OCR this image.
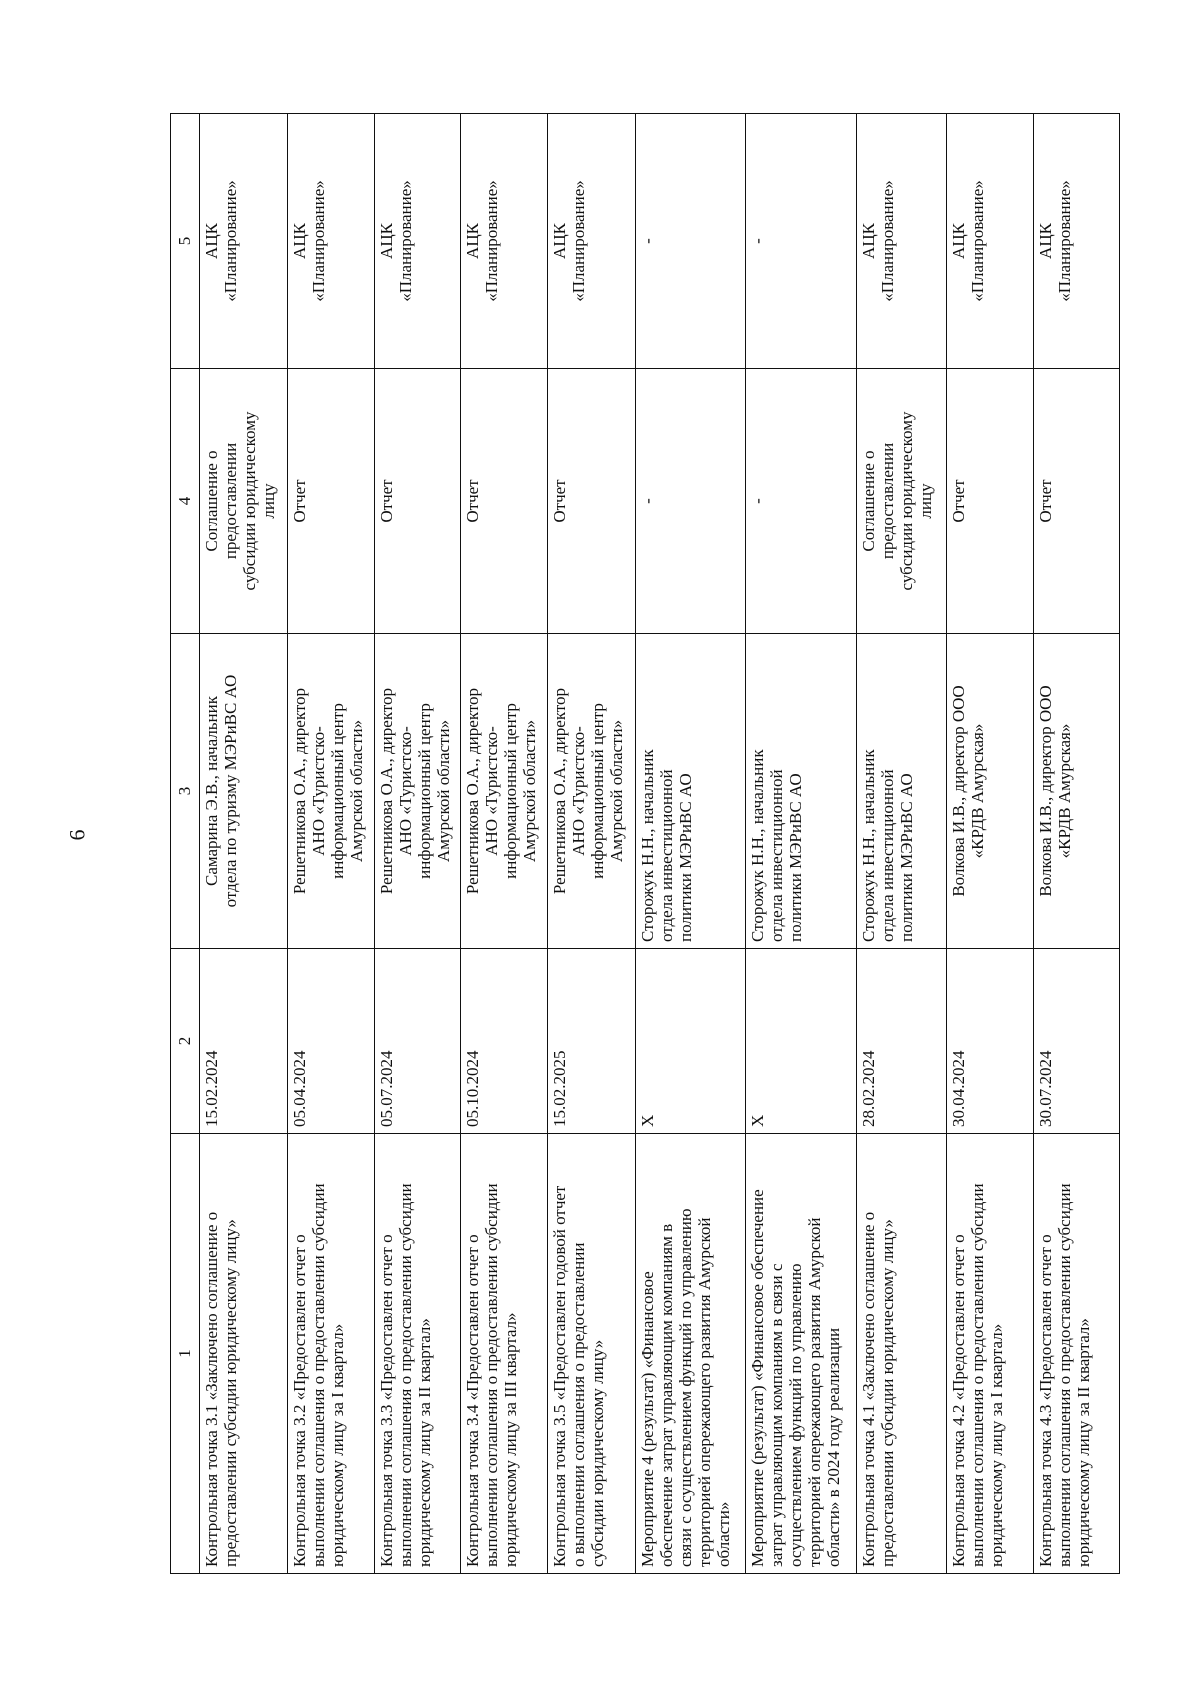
6
1	2	3	4	5

Контрольная точка 3.1 «Заключено соглашение о
предоставлении субсидии юридическому лицу»	15.02.2024	Самарина Э.В., начальник
отдела по туризму МЭРиВС АО	Соглашение о
предоставлении
субсидии юридическому
лицу	АЦК
«Планирование»

Контрольная точка 3.2 «Предоставлен отчет о
выполнении соглашения о предоставлении субсидии
юридическому лицу за I квартал»	05.04.2024	Решетникова О.А., директор
АНО «Туристско-
информационный центр
Амурской области»	Отчет	АЦК
«Планирование»

Контрольная точка 3.3 «Предоставлен отчет о
выполнении соглашения о предоставлении субсидии
юридическому лицу за II квартал»	05.07.2024	Решетникова О.А., директор
АНО «Туристско-
информационный центр
Амурской области»	Отчет	АЦК
«Планирование»

Контрольная точка 3.4 «Предоставлен отчет о
выполнении соглашения о предоставлении субсидии
юридическому лицу за III квартал»	05.10.2024	Решетникова О.А., директор
АНО «Туристско-
информационный центр
Амурской области»	Отчет	АЦК
«Планирование»

Контрольная точка 3.5 «Предоставлен годовой отчет
о выполнении соглашения о предоставлении
субсидии юридическому лицу»	15.02.2025	Решетникова О.А., директор
АНО «Туристско-
информационный центр
Амурской области»	Отчет	АЦК
«Планирование»

Мероприятие 4 (результат) «Финансовое
обеспечение затрат управляющим компаниям в
связи с осуществлением функций по управлению
территорией опережающего развития Амурской
области»	Х	Сторожук Н.Н., начальник
отдела инвестиционной
политики МЭРиВС АО	-	-

Мероприятие (результат) «Финансовое обеспечение
затрат управляющим компаниям в связи с
осуществлением функций по управлению
территорией опережающего развития Амурской
области» в 2024 году реализации	Х	Сторожук Н.Н., начальник
отдела инвестиционной
политики МЭРиВС АО	-	-

Контрольная точка 4.1 «Заключено соглашение о
предоставлении субсидии юридическому лицу»	28.02.2024	Сторожук Н.Н., начальник
отдела инвестиционной
политики МЭРиВС АО	Соглашение о
предоставлении
субсидии юридическому
лицу	АЦК
«Планирование»

Контрольная точка 4.2 «Предоставлен отчет о
выполнении соглашения о предоставлении субсидии
юридическому лицу за I квартал»	30.04.2024	Волкова И.В., директор ООО
«КРДВ Амурская»	Отчет	АЦК
«Планирование»

Контрольная точка 4.3 «Предоставлен отчет о
выполнении соглашения о предоставлении субсидии
юридическому лицу за II квартал»	30.07.2024	Волкова И.В., директор ООО
«КРДВ Амурская»	Отчет	АЦК
«Планирование»
